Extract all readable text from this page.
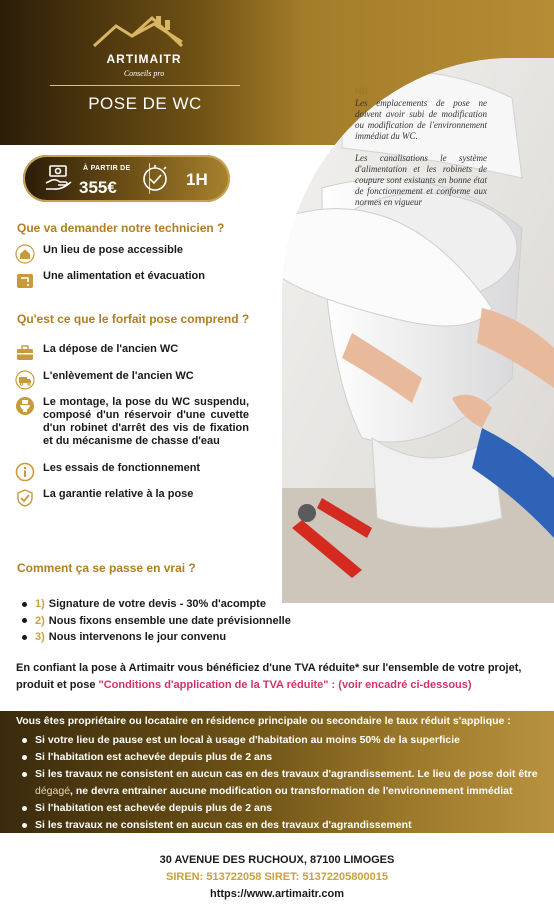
ARTIMAITR
Conseils pro
POSE DE WC
NB
Les emplacements de pose ne doivent avoir subi de modification ou modification de l'environnement immédiat du WC.
Les canalisations le système d'alimentation et les robinets de coupure sont existants en bonne état de fonctionnement et conforme aux normes en vigueur
À PARTIR DE
355€	1H
Que va demander notre technicien ?
Un lieu de pose accessible
Une alimentation et évacuation
Qu'est ce que le forfait pose comprend ?
La dépose de l'ancien WC
L'enlèvement de l'ancien WC
Le montage, la pose du WC suspendu, composé d'un réservoir d'une cuvette d'un robinet d'arrêt des vis de fixation et du mécanisme de chasse d'eau
Les essais de fonctionnement
La garantie relative à la pose
Comment ça se passe en vrai ?
1) Signature de votre devis - 30% d'acompte
2) Nous fixons ensemble une date prévisionnelle
3) Nous intervenons le jour convenu
En confiant la pose à Artimaitr vous bénéficiez d'une TVA réduite* sur l'ensemble de votre projet, produit et pose "Conditions d'application de la TVA réduite" : (voir encadré ci-dessous)
Vous êtes propriétaire ou locataire en résidence principale ou secondaire le taux réduit s'applique :
Si votre lieu de pause est un local à usage d'habitation au moins 50% de la superficie
Si l'habitation est achevée depuis plus de 2 ans
Si les travaux ne consistent en aucun cas en des travaux d'agrandissement. Le lieu de pose doit être dégagé, ne devra entrainer aucune modification ou transformation de l'environnement immédiat
Si l'habitation est achevée depuis plus de 2 ans
Si les travaux ne consistent en aucun cas en des travaux d'agrandissement
30 AVENUE DES RUCHOUX, 87100 LIMOGES
SIREN: 513722058 SIRET: 51372205800015
https://www.artimaitr.com
